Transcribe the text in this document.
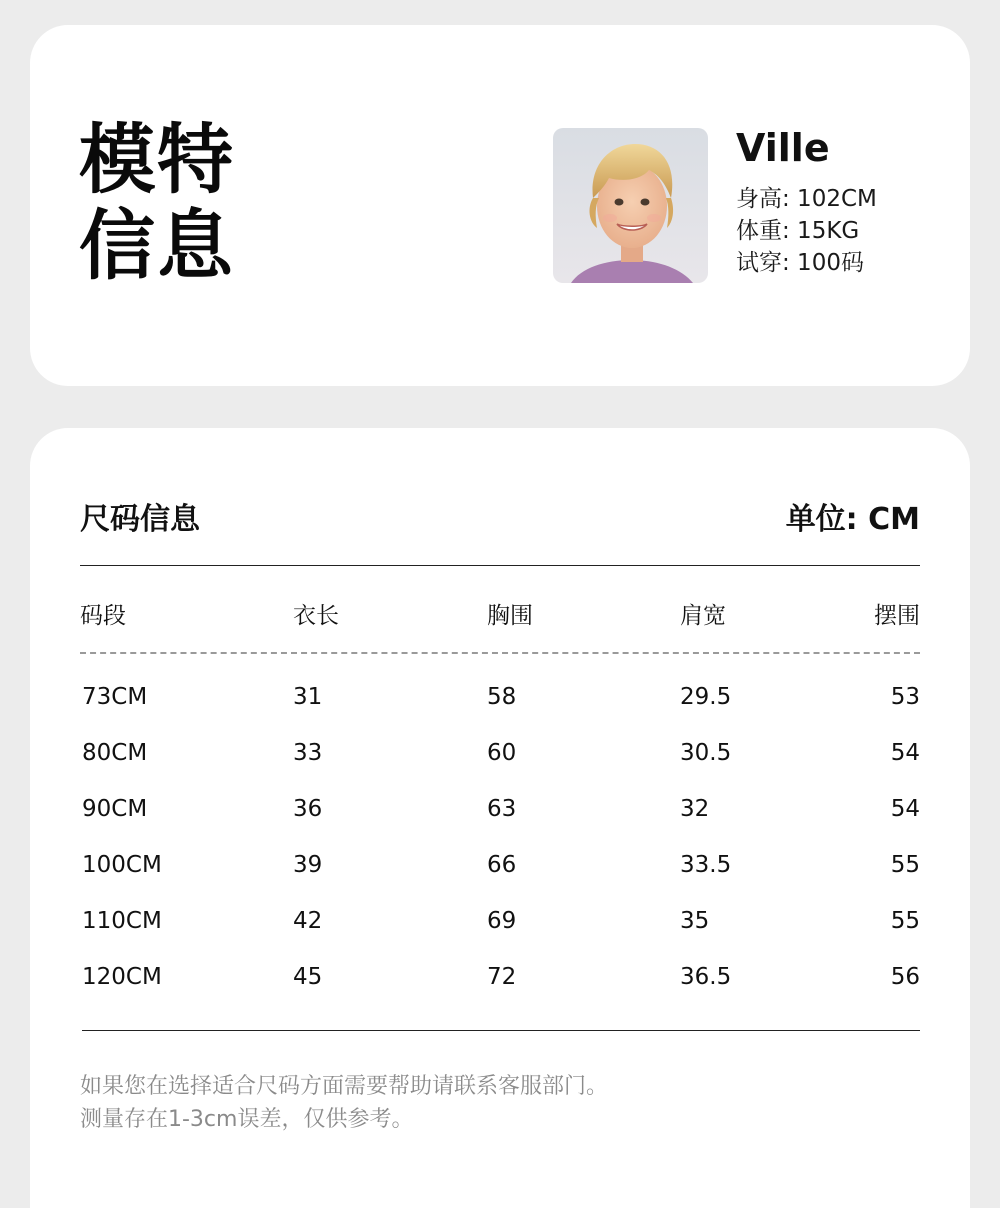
模特
信息
Ville
身高: 102CM
体重: 15KG
试穿: 100码
尺码信息	单位: CM
码段	衣长	胸围	肩宽	摆围
73CM	31	58	29.5	53
80CM	33	60	30.5	54
90CM	36	63	32	54
100CM	39	66	33.5	55
110CM	42	69	35	55
120CM	45	72	36.5	56
如果您在选择适合尺码方面需要帮助请联系客服部门。
测量存在1-3cm误差，仅供参考。
